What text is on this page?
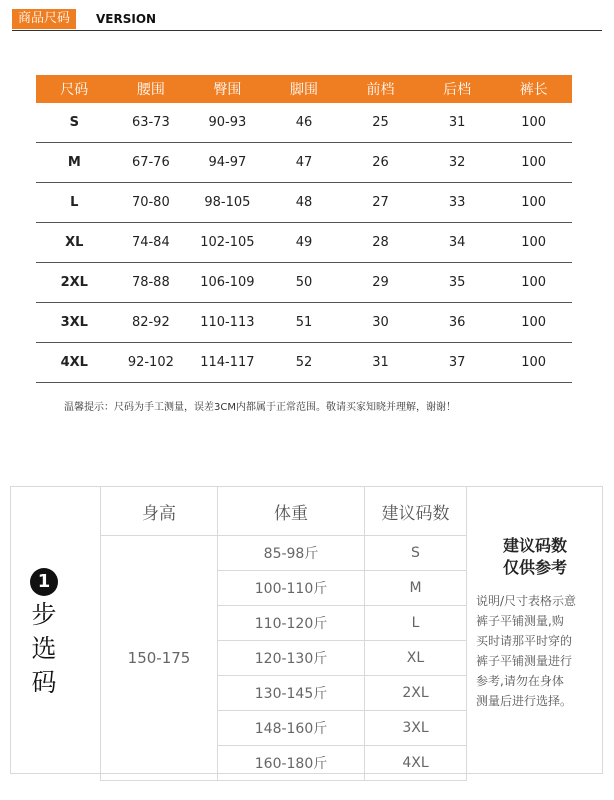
商品尺码	VERSION
尺码	腰围	臀围	脚围	前档	后档	裤长
S	63-73	90-93	46	25	31	100
M	67-76	94-97	47	26	32	100
L	70-80	98-105	48	27	33	100
XL	74-84	102-105	49	28	34	100
2XL	78-88	106-109	50	29	35	100
3XL	82-92	110-113	51	30	36	100
4XL	92-102	114-117	52	31	37	100
温馨提示：尺码为手工测量，误差3CM内都属于正常范围。敬请买家知晓并理解，谢谢！
1
步
选
码
身高	体重	建议码数
150-175	85-98斤	S
	100-110斤	M
	110-120斤	L
	120-130斤	XL
	130-145斤	2XL
	148-160斤	3XL
	160-180斤	4XL
建议码数
仅供参考
说明/尺寸表格示意
裤子平铺测量,购
买时请那平时穿的
裤子平铺测量进行
参考,请勿在身体
测量后进行选择。
